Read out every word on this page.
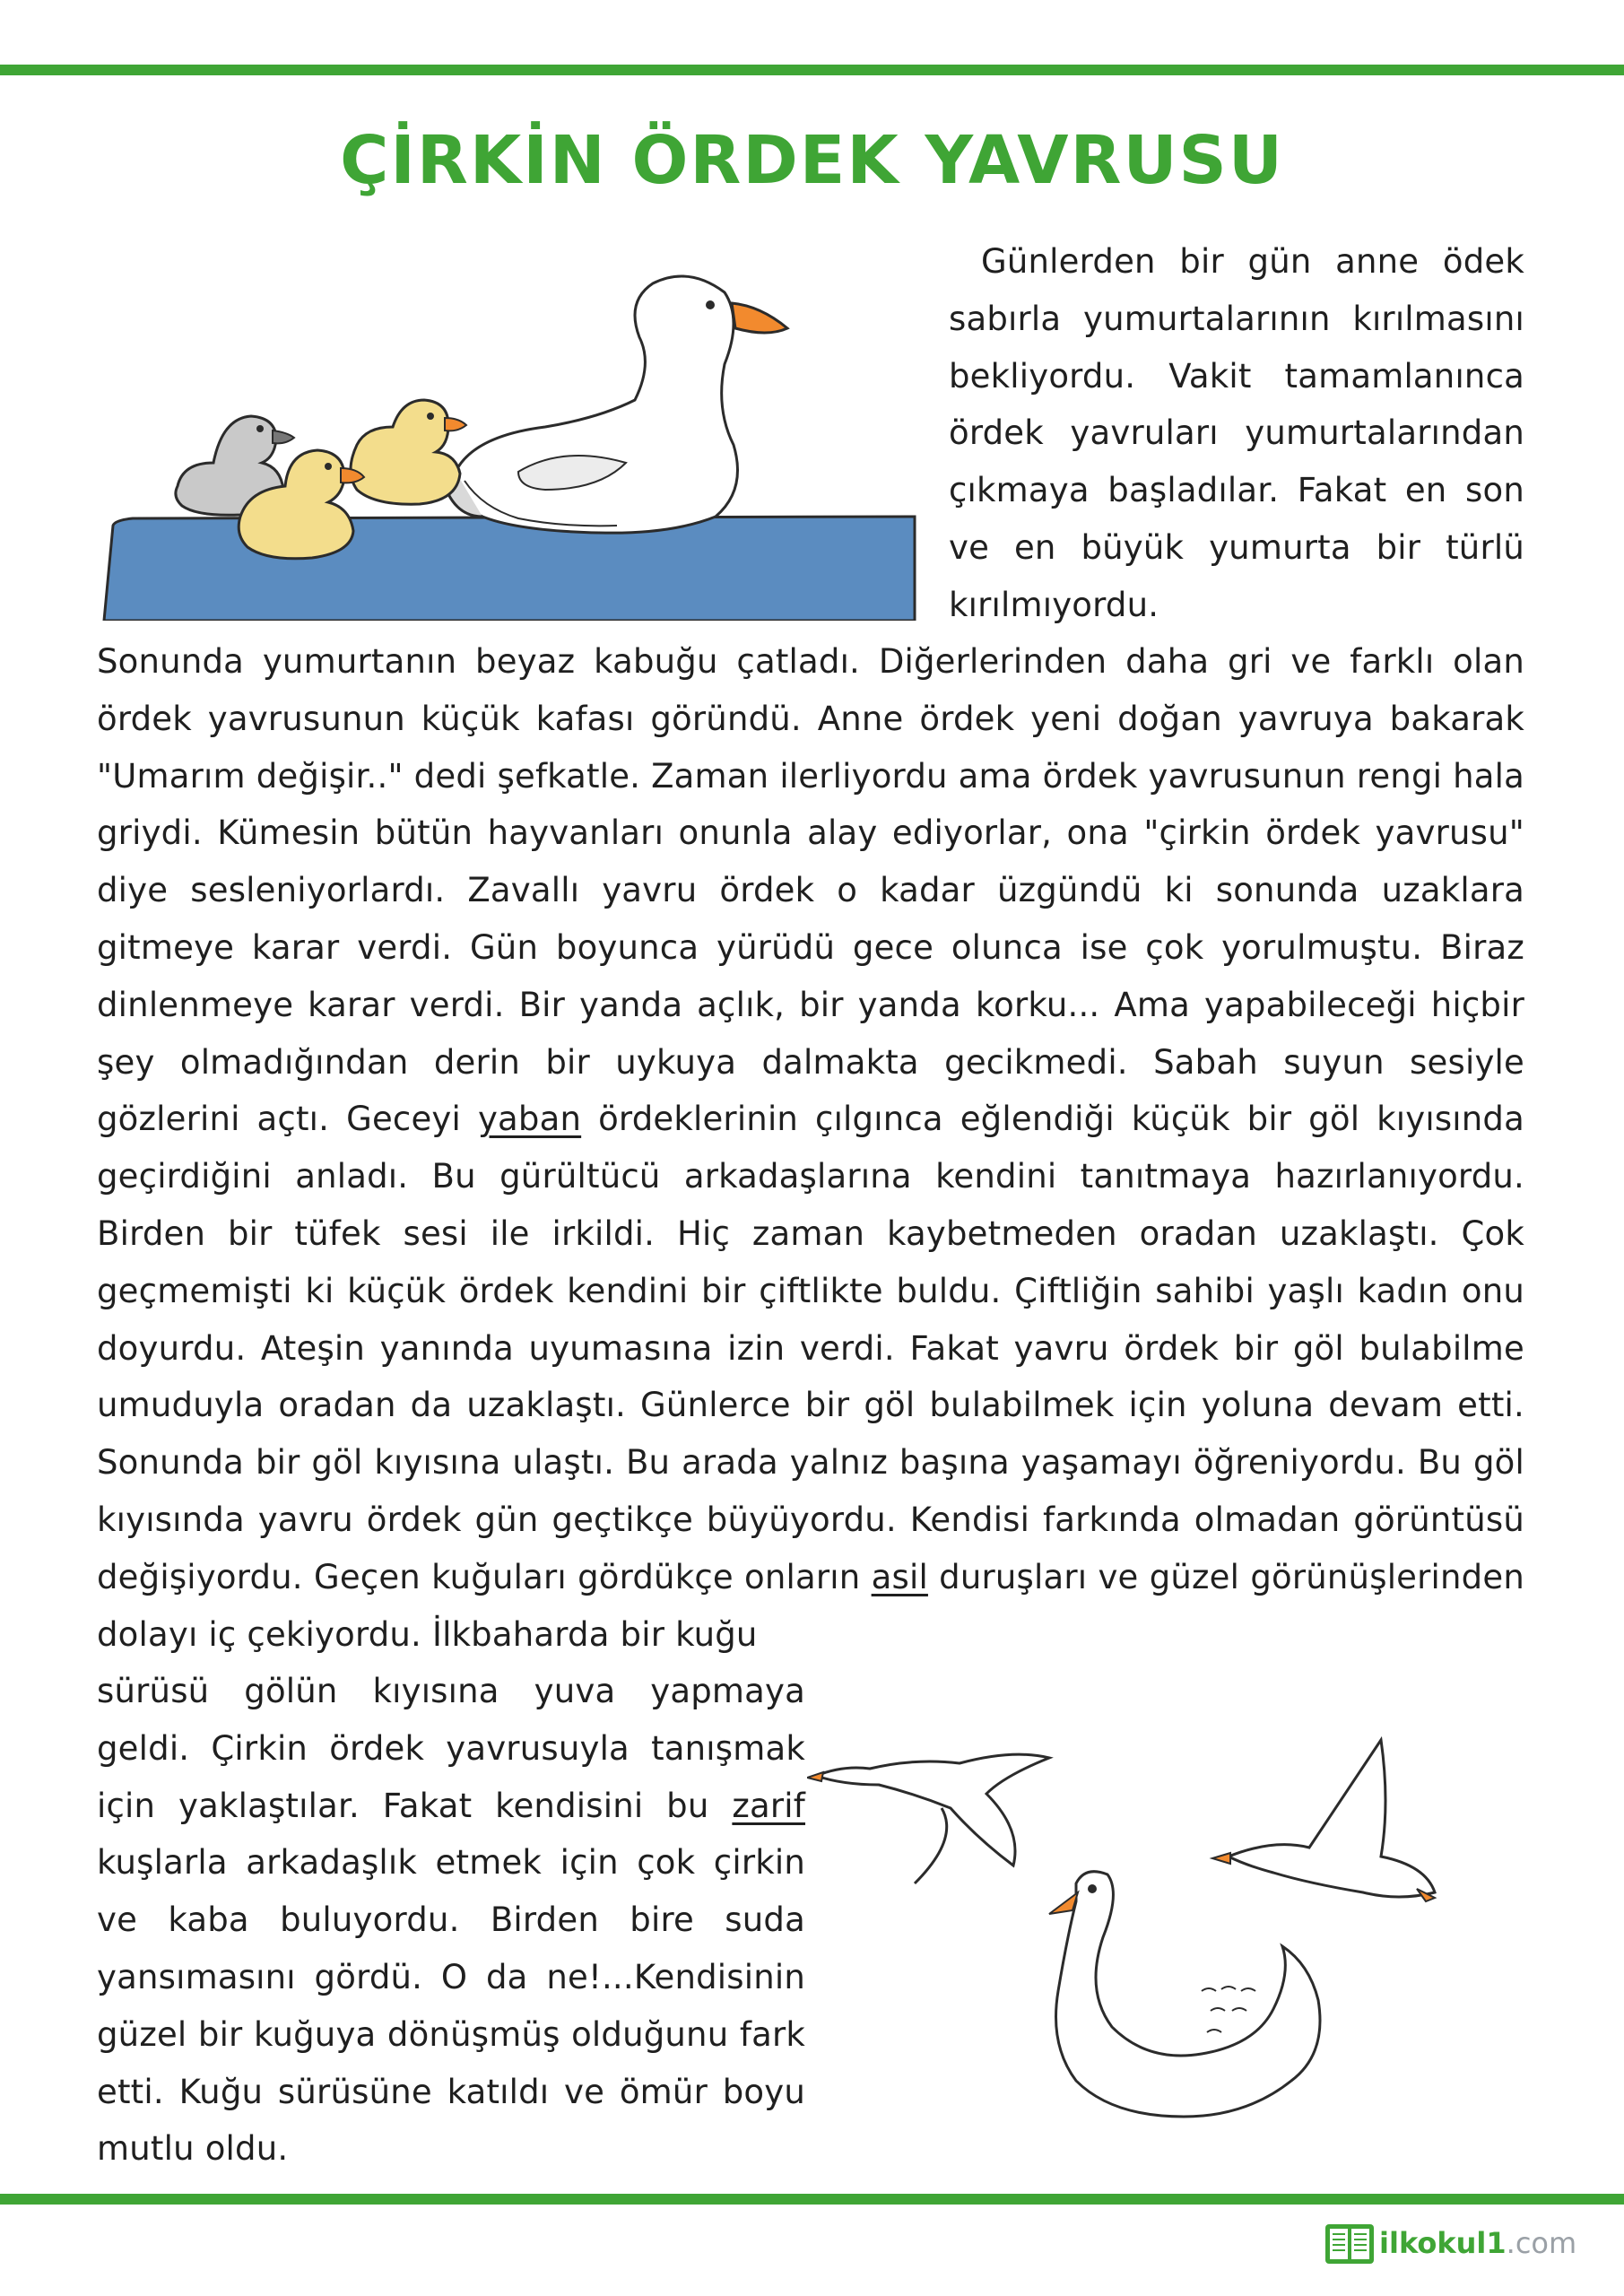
ÇİRKİN ÖRDEK YAVRUSU

Günlerden bir gün anne ödek sabırla yumurtalarının kırılmasını bekliyordu. Vakit tamamlanınca ördek yavruları yumurtalarından çıkmaya başladılar. Fakat en son ve en büyük yumurta bir türlü kırılmıyordu.

Sonunda yumurtanın beyaz kabuğu çatladı. Diğerlerinden daha gri ve farklı olan ördek yavrusunun küçük kafası göründü. Anne ördek yeni doğan yavruya bakarak "Umarım değişir.." dedi şefkatle. Zaman ilerliyordu ama ördek yavrusunun rengi hala griydi. Kümesin bütün hayvanları onunla alay ediyorlar, ona "çirkin ördek yavrusu" diye sesleniyorlardı. Zavallı yavru ördek o kadar üzgündü ki sonunda uzaklara gitmeye karar verdi. Gün boyunca yürüdü gece olunca ise çok yorulmuştu. Biraz dinlenmeye karar verdi. Bir yanda açlık, bir yanda korku... Ama yapabileceği hiçbir şey olmadığından derin bir uykuya dalmakta gecikmedi. Sabah suyun sesiyle gözlerini açtı. Geceyi yaban ördeklerinin çılgınca eğlendiği küçük bir göl kıyısında geçirdiğini anladı. Bu gürültücü arkadaşlarına kendini tanıtmaya hazırlanıyordu. Birden bir tüfek sesi ile irkildi. Hiç zaman kaybetmeden oradan uzaklaştı. Çok geçmemişti ki küçük ördek kendini bir çiftlikte buldu. Çiftliğin sahibi yaşlı kadın onu doyurdu. Ateşin yanında uyumasına izin verdi. Fakat yavru ördek bir göl bulabilme umuduyla oradan da uzaklaştı. Günlerce bir göl bulabilmek için yoluna devam etti. Sonunda bir göl kıyısına ulaştı. Bu arada yalnız başına yaşamayı öğreniyordu. Bu göl kıyısında yavru ördek gün geçtikçe büyüyordu. Kendisi farkında olmadan görüntüsü değişiyordu. Geçen kuğuları gördükçe onların asil duruşları ve güzel görünüşlerinden dolayı iç çekiyordu. İlkbaharda bir kuğu

sürüsü gölün kıyısına yuva yapmaya geldi. Çirkin ördek yavrusuyla tanışmak için yaklaştılar. Fakat kendisini bu zarif kuşlarla arkadaşlık etmek için çok çirkin ve kaba buluyordu. Birden bire suda yansımasını gördü. O da ne!...Kendisinin güzel bir kuğuya dönüşmüş olduğunu fark etti. Kuğu sürüsüne katıldı ve ömür boyu mutlu oldu.

ilkokul1.com
